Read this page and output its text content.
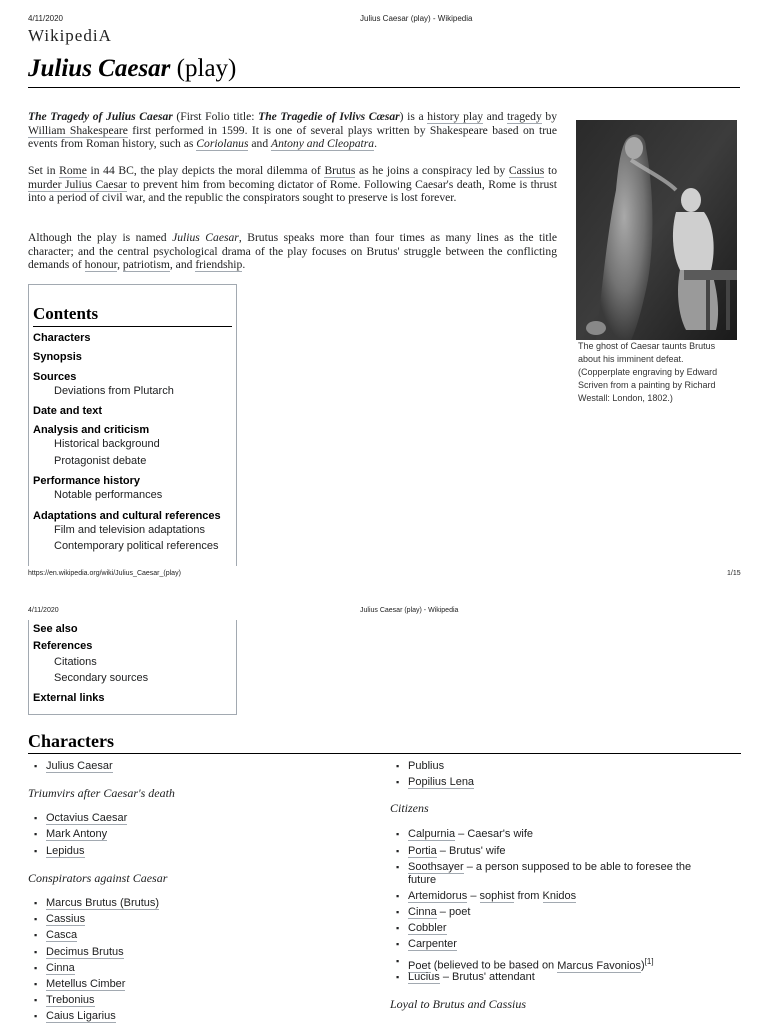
4/11/2020	Julius Caesar (play) - Wikipedia
WikipediA
Julius Caesar (play)
The Tragedy of Julius Caesar (First Folio title: The Tragedie of Ivlivs Cæsar) is a history play and tragedy by William Shakespeare first performed in 1599. It is one of several plays written by Shakespeare based on true events from Roman history, such as Coriolanus and Antony and Cleopatra.
Set in Rome in 44 BC, the play depicts the moral dilemma of Brutus as he joins a conspiracy led by Cassius to murder Julius Caesar to prevent him from becoming dictator of Rome. Following Caesar's death, Rome is thrust into a period of civil war, and the republic the conspirators sought to preserve is lost forever.
Although the play is named Julius Caesar, Brutus speaks more than four times as many lines as the title character; and the central psychological drama of the play focuses on Brutus' struggle between the conflicting demands of honour, patriotism, and friendship.
The ghost of Caesar taunts Brutus about his imminent defeat. (Copperplate engraving by Edward Scriven from a painting by Richard Westall: London, 1802.)
Contents
Characters
Synopsis
Sources
Deviations from Plutarch
Date and text
Analysis and criticism
Historical background
Protagonist debate
Performance history
Notable performances
Adaptations and cultural references
Film and television adaptations
Contemporary political references
https://en.wikipedia.org/wiki/Julius_Caesar_(play)	1/15
4/11/2020	Julius Caesar (play) - Wikipedia
See also
References
Citations
Secondary sources
External links
Characters
▪ Julius Caesar
Triumvirs after Caesar's death
▪ Octavius Caesar
▪ Mark Antony
▪ Lepidus
Conspirators against Caesar
▪ Marcus Brutus (Brutus)
▪ Cassius
▪ Casca
▪ Decimus Brutus
▪ Cinna
▪ Metellus Cimber
▪ Trebonius
▪ Caius Ligarius
▪ Publius
▪ Popilius Lena
Citizens
▪ Calpurnia – Caesar's wife
▪ Portia – Brutus' wife
▪ Soothsayer – a person supposed to be able to foresee the
future
▪ Artemidorus – sophist from Knidos
▪ Cinna – poet
▪ Cobbler
▪ Carpenter
▪ Poet (believed to be based on Marcus Favonios)[1]
▪ Lucius – Brutus' attendant
Loyal to Brutus and Cassius
